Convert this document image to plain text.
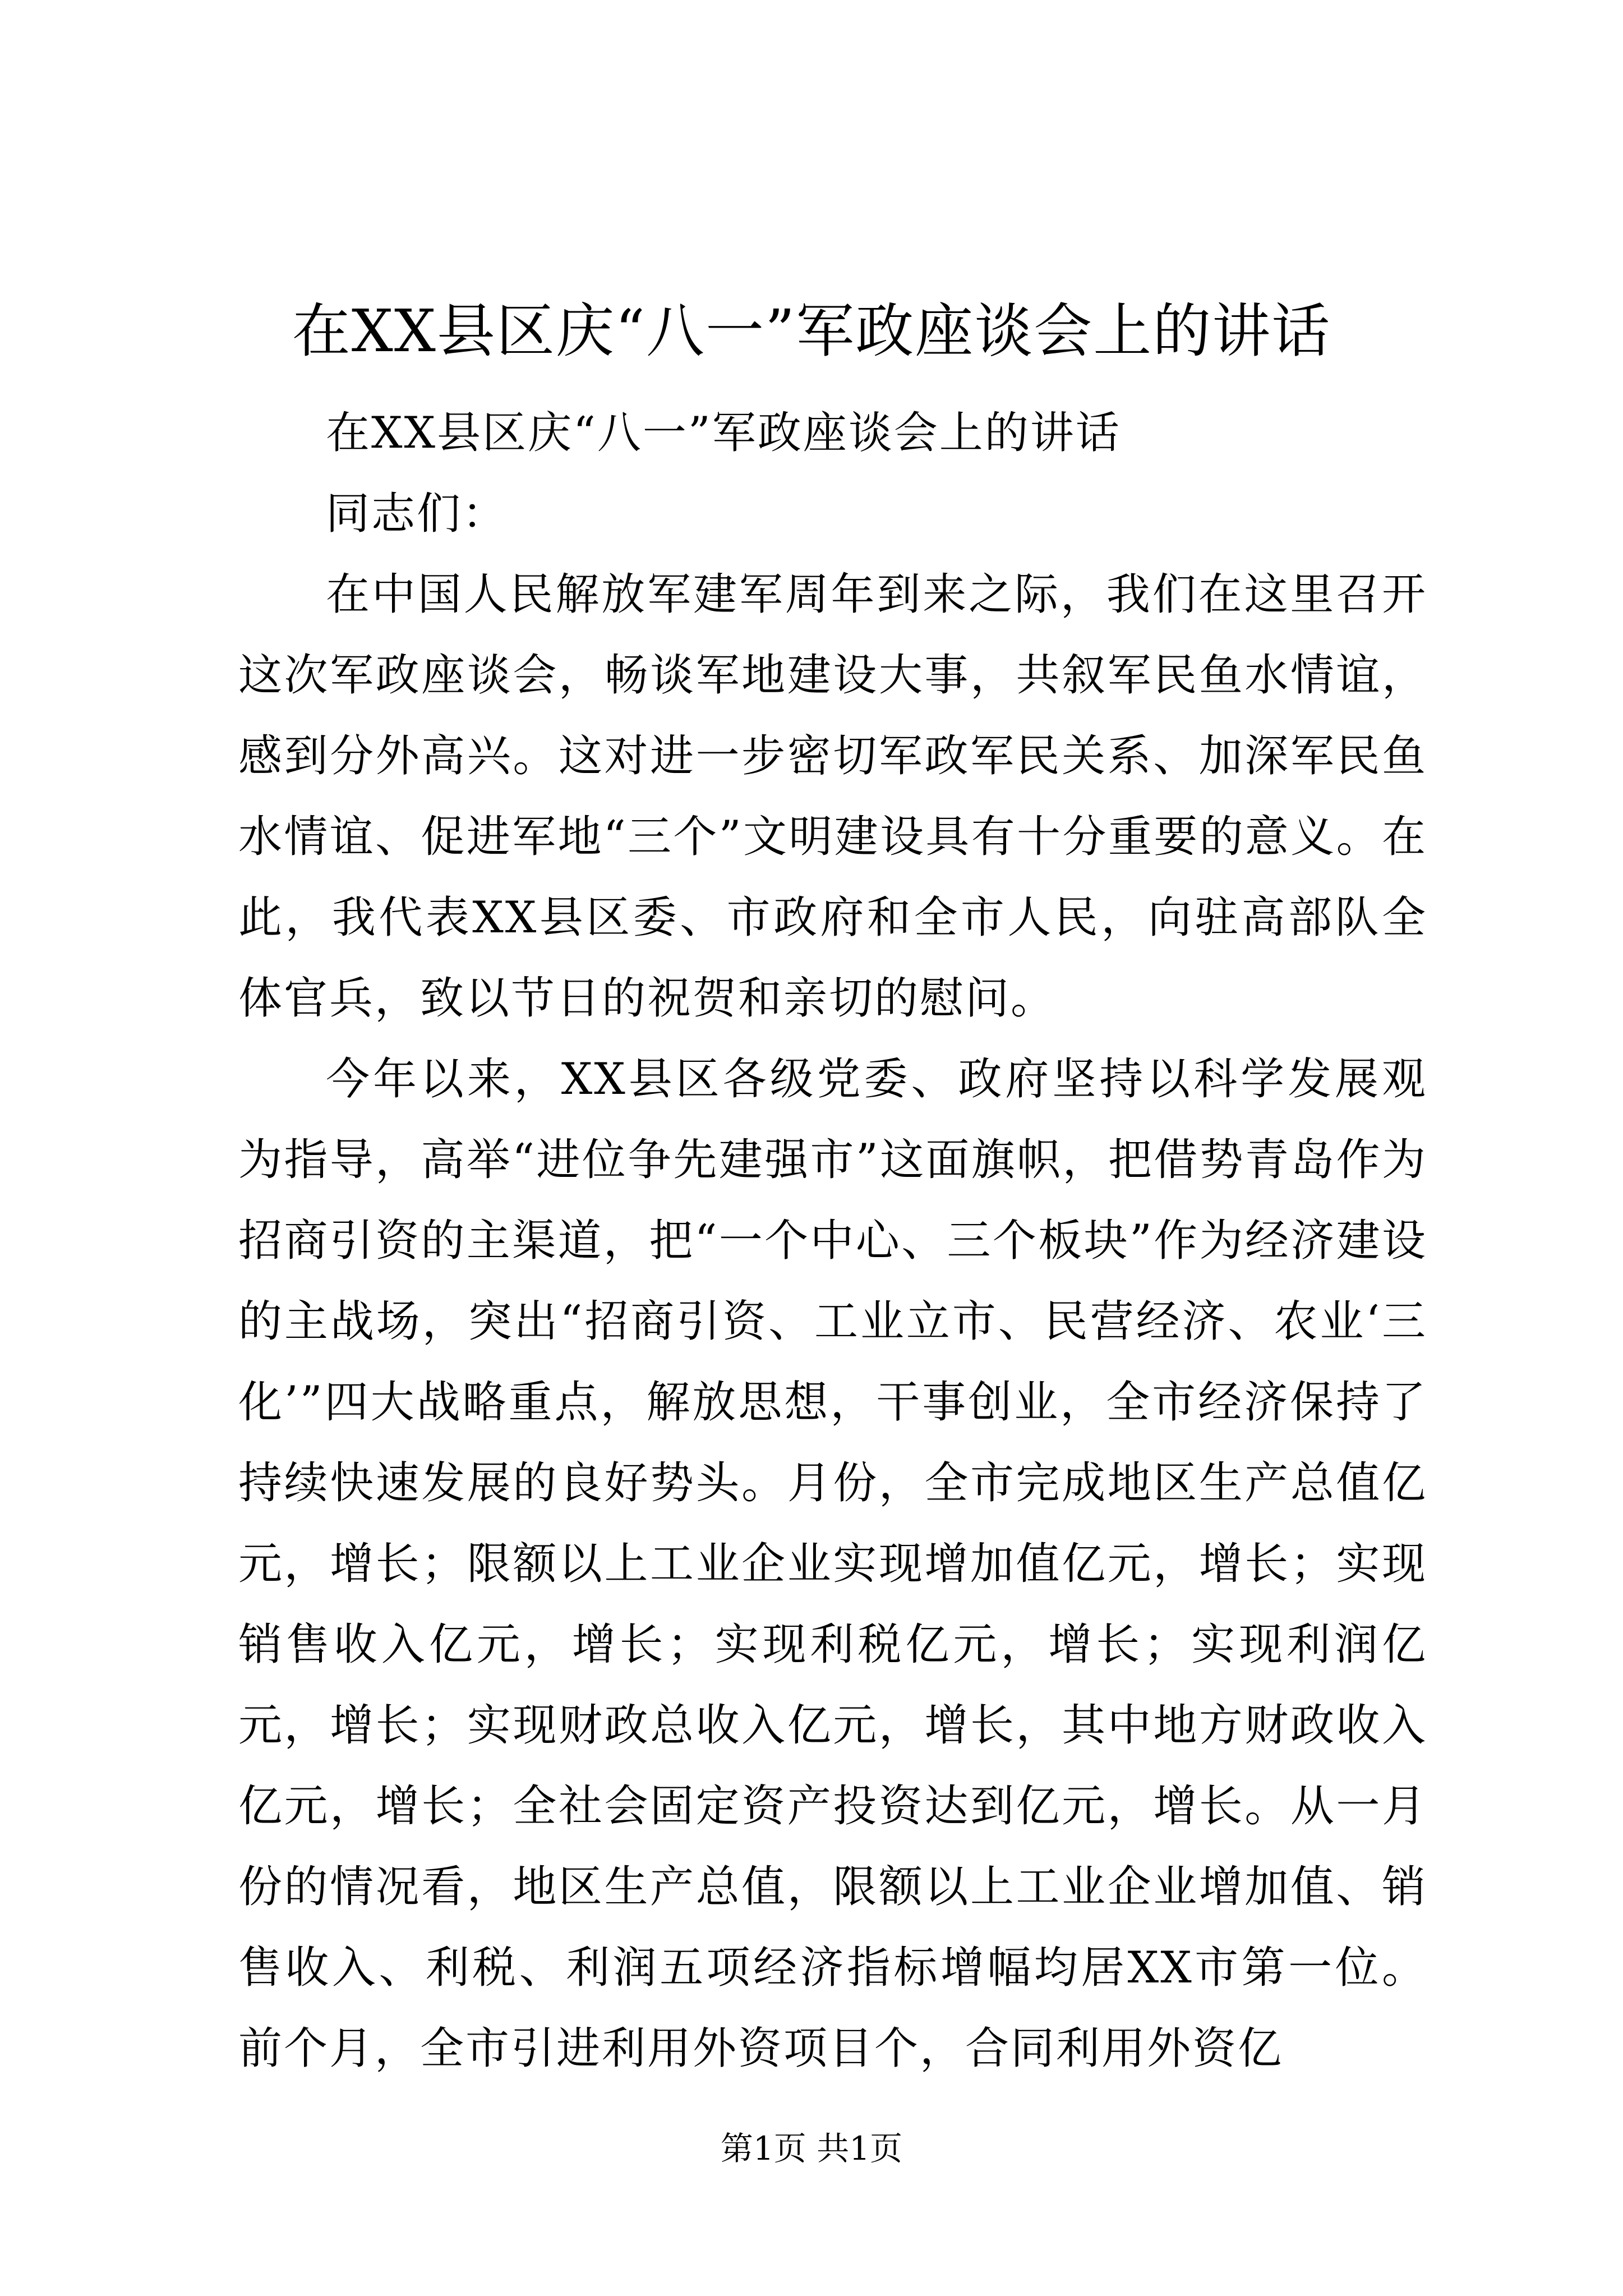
在XX县区庆“八一”军政座谈会上的讲话

在XX县区庆“八一”军政座谈会上的讲话

同志们：

在中国人民解放军建军周年到来之际，我们在这里召开这次军政座谈会，畅谈军地建设大事，共叙军民鱼水情谊，感到分外高兴。这对进一步密切军政军民关系、加深军民鱼水情谊、促进军地“三个”文明建设具有十分重要的意义。在此，我代表XX县区委、市政府和全市人民，向驻高部队全体官兵，致以节日的祝贺和亲切的慰问。

今年以来，XX县区各级党委、政府坚持以科学发展观为指导，高举“进位争先建强市”这面旗帜，把借势青岛作为招商引资的主渠道，把“一个中心、三个板块”作为经济建设的主战场，突出“招商引资、工业立市、民营经济、农业‘三化’”四大战略重点，解放思想，干事创业，全市经济保持了持续快速发展的良好势头。月份，全市完成地区生产总值亿元，增长；限额以上工业企业实现增加值亿元，增长；实现销售收入亿元，增长；实现利税亿元，增长；实现利润亿元，增长；实现财政总收入亿元，增长，其中地方财政收入亿元，增长；全社会固定资产投资达到亿元，增长。从一月份的情况看，地区生产总值，限额以上工业企业增加值、销售收入、利税、利润五项经济指标增幅均居XX市第一位。前个月，全市引进利用外资项目个，合同利用外资亿

第1页 共1页
